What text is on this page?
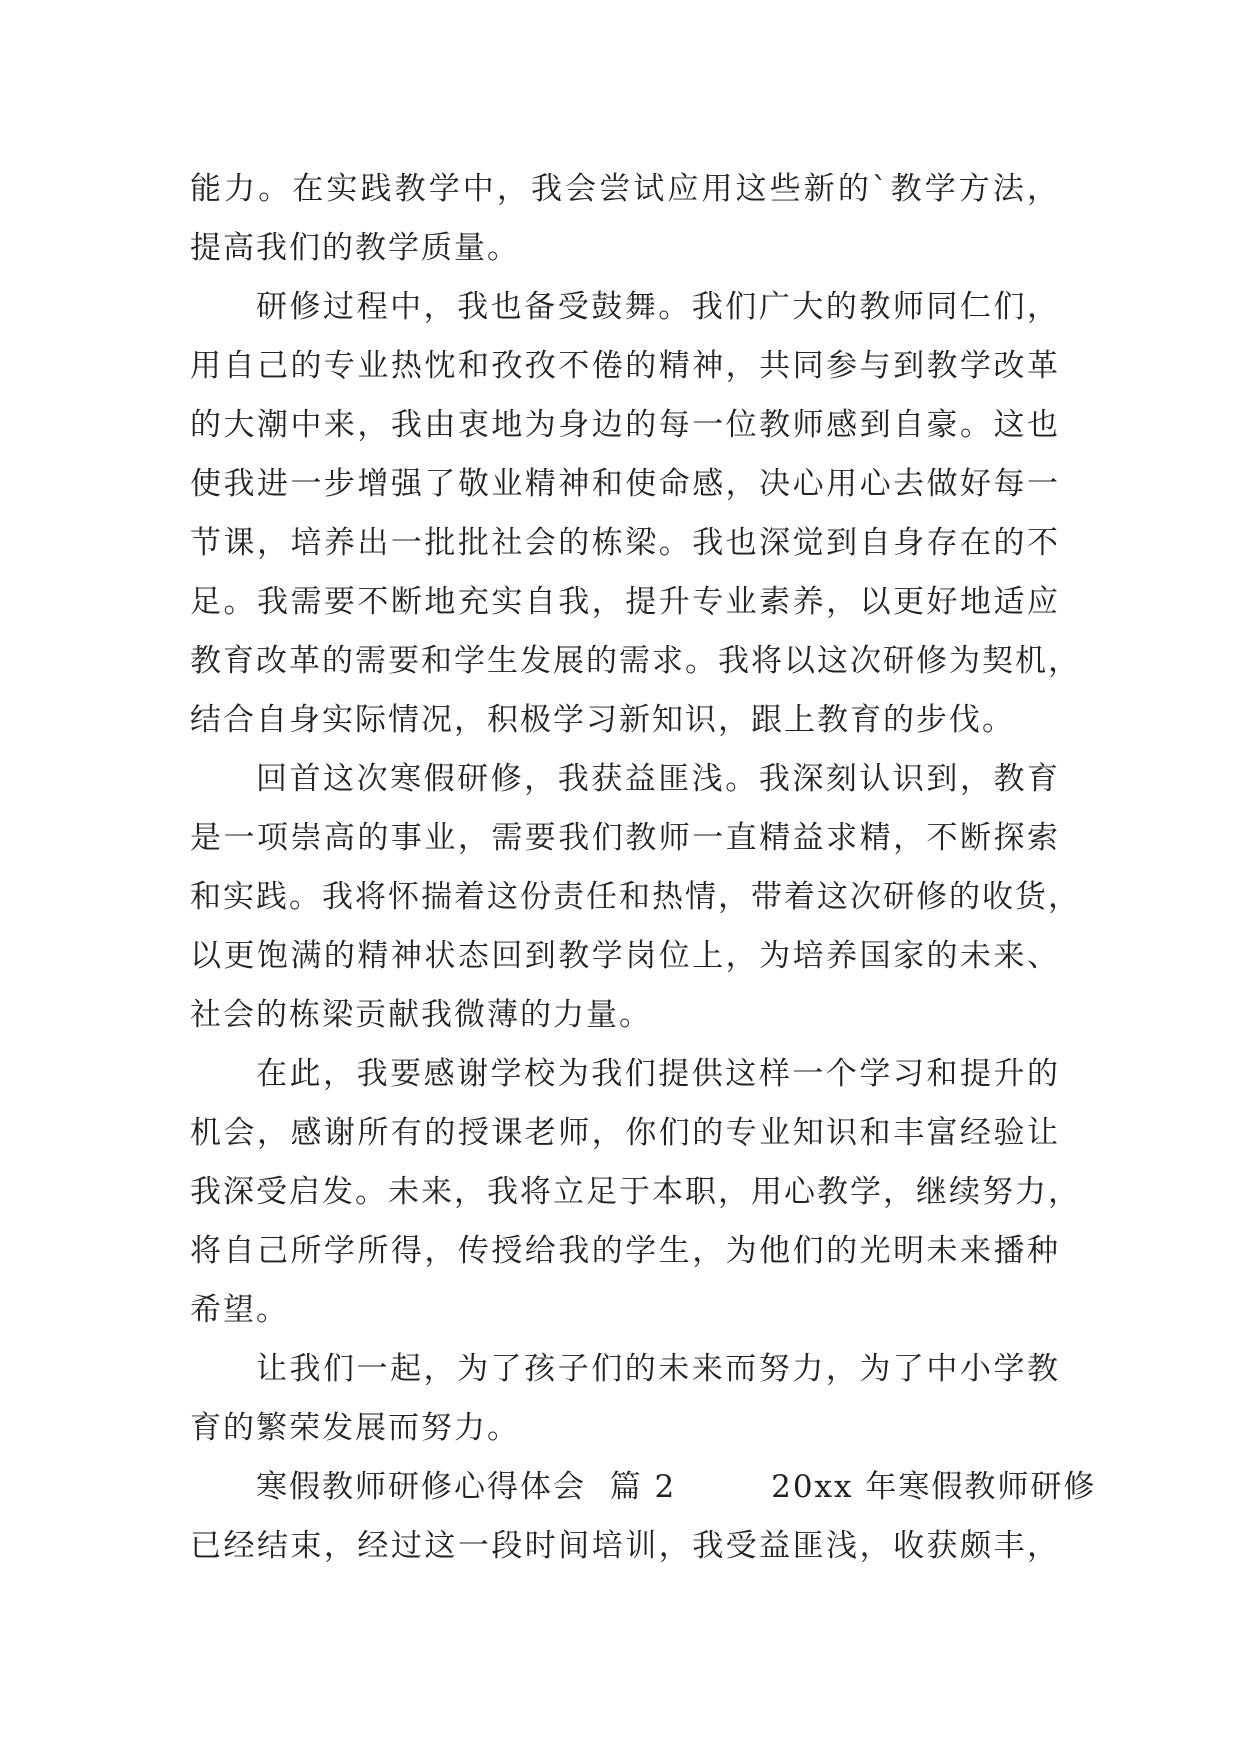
能力。在实践教学中，我会尝试应用这些新的`教学方法，
提高我们的教学质量。
研修过程中，我也备受鼓舞。我们广大的教师同仁们，
用自己的专业热忱和孜孜不倦的精神，共同参与到教学改革
的大潮中来，我由衷地为身边的每一位教师感到自豪。这也
使我进一步增强了敬业精神和使命感，决心用心去做好每一
节课，培养出一批批社会的栋梁。我也深觉到自身存在的不
足。我需要不断地充实自我，提升专业素养，以更好地适应
教育改革的需要和学生发展的需求。我将以这次研修为契机，
结合自身实际情况，积极学习新知识，跟上教育的步伐。
回首这次寒假研修，我获益匪浅。我深刻认识到，教育
是一项崇高的事业，需要我们教师一直精益求精，不断探索
和实践。我将怀揣着这份责任和热情，带着这次研修的收货，
以更饱满的精神状态回到教学岗位上，为培养国家的未来、
社会的栋梁贡献我微薄的力量。
在此，我要感谢学校为我们提供这样一个学习和提升的
机会，感谢所有的授课老师，你们的专业知识和丰富经验让
我深受启发。未来，我将立足于本职，用心教学，继续努力，
将自己所学所得，传授给我的学生，为他们的光明未来播种
希望。
让我们一起，为了孩子们的未来而努力，为了中小学教
育的繁荣发展而努力。
寒假教师研修心得体会  篇 2        20xx 年寒假教师研修
已经结束，经过这一段时间培训，我受益匪浅，收获颇丰，
